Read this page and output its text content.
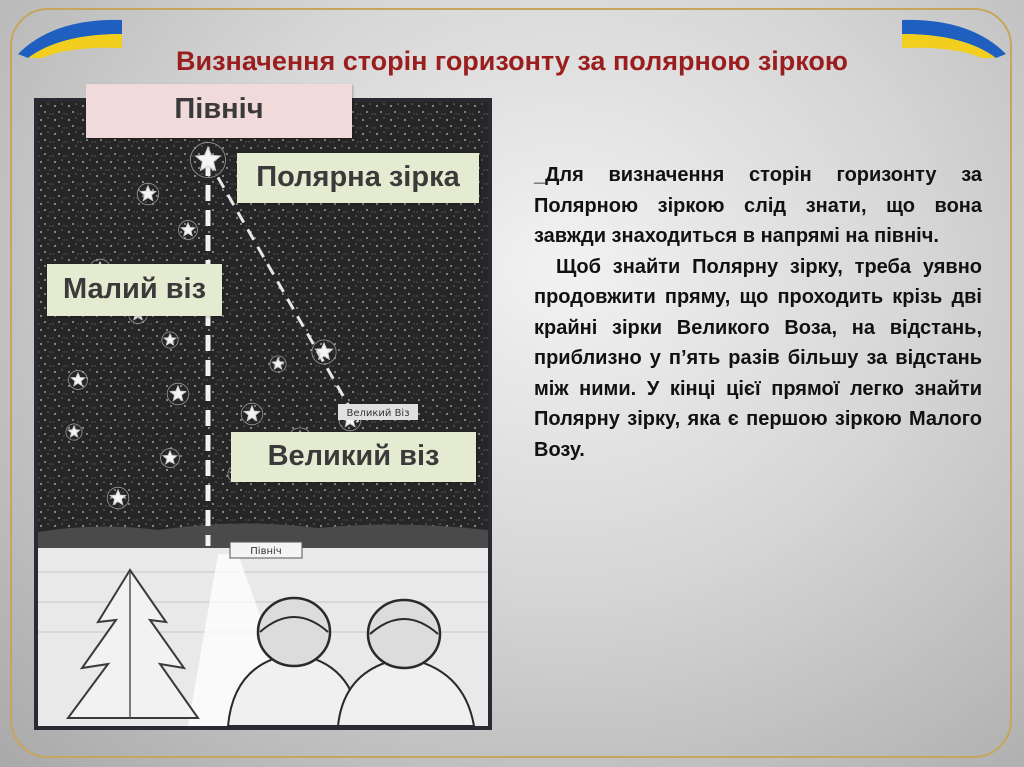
Визначення сторін горизонту за полярною зіркою
Великий Віз
Північ
Північ
Полярна зірка
Малий віз
Великий віз

_Для визначення сторін горизонту за Полярною зіркою слід знати, що вона завжди знаходиться в напрямі на північ.

Щоб знайти Полярну зірку, треба уявно продовжити пряму, що проходить крізь дві крайні зірки Великого Воза, на відстань, приблизно у п’ять разів більшу за відстань між ними. У кінці цієї прямої легко знайти Полярну зірку, яка є першою зіркою Малого Возу.
